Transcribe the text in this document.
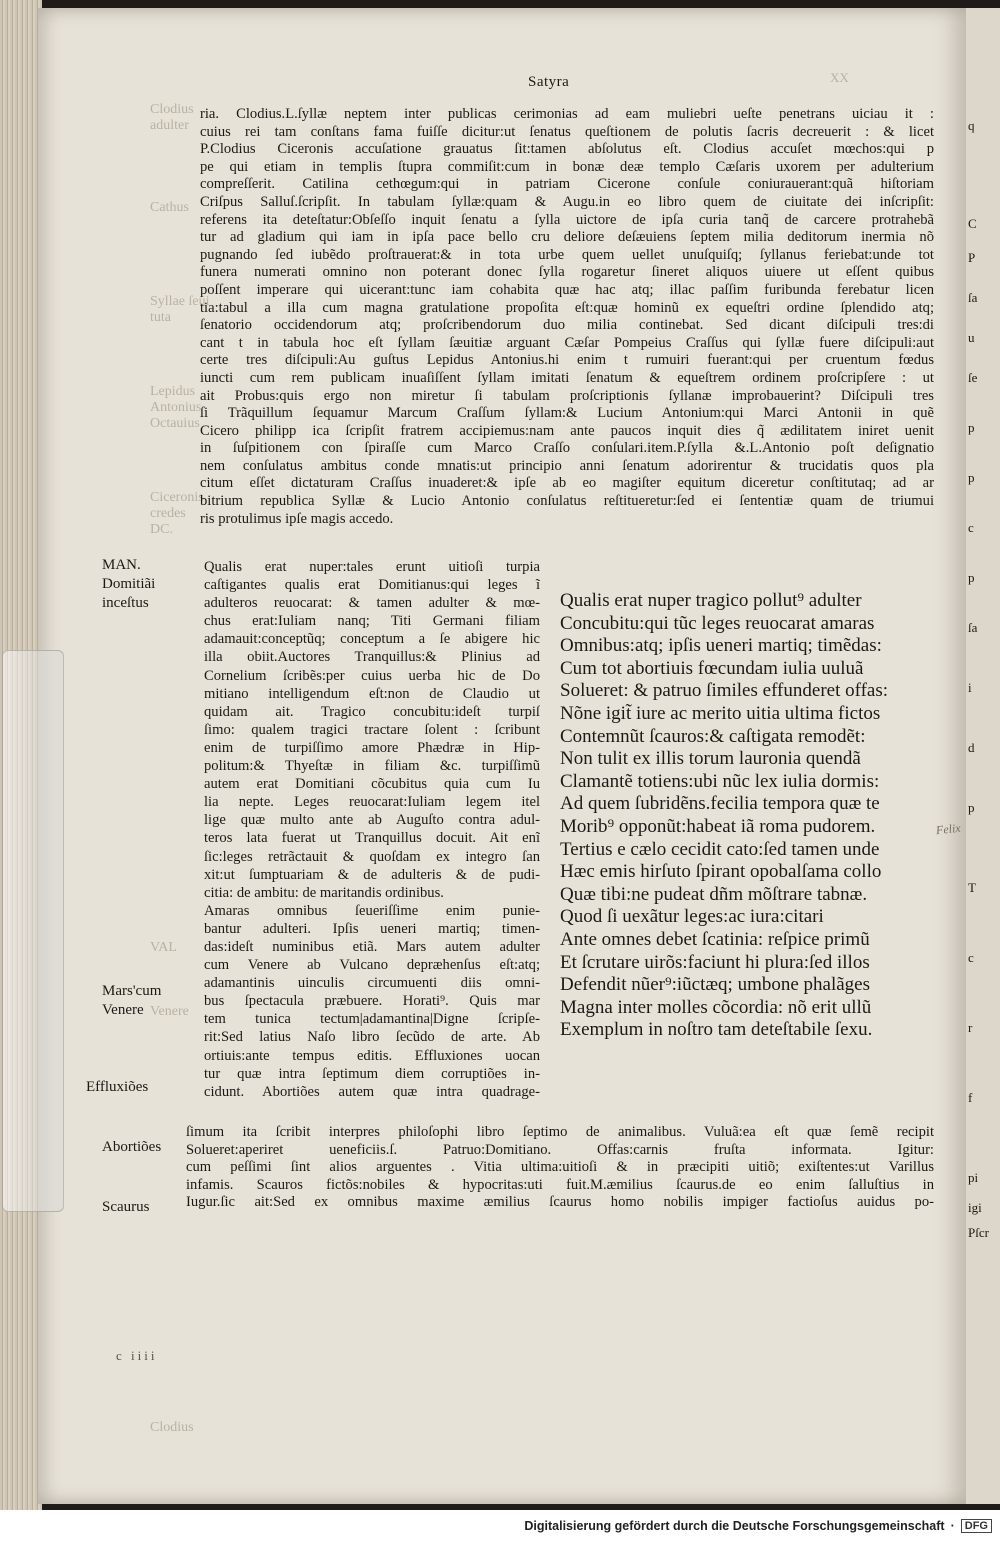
XX
Clodius
adulter
Cathus
Syllae ſeui
tuta
Lepidus
Antonius
Octauius
Ciceronis
credes
DC.
VAL
Venere
Clodius
q
C
P
ſa
u
ſe
p
p
c
p
ſa
i
d
p
T
c
r
f
pi
igi
Pſcr
Satyra
ria. Clodius.L.ſyllæ neptem inter publicas cerimonias ad eam muliebri ueſte penetrans uiciau it :
cuius rei tam conſtans fama fuiſſe dicitur:ut ſenatus queſtionem de polutis ſacris decreuerit : & licet
P.Clodius Ciceronis accuſatione grauatus ſit:tamen abſolutus eſt. Clodius accuſet mœchos:qui p
pe qui etiam in templis ſtupra commiſit:cum in bonæ deæ templo Cæſaris uxorem per adulterium
compreſſerit. Catilina cethœgum:qui in patriam Ciceronе conſule coniurauerant:quã hiſtoriam
Criſpus Salluſ.ſcripſit. In tabulam ſyllæ:quam & Augu.in eo libro quem de ciuitate dei inſcripſit:
referens ita deteſtatur:Obſeſſo inquit ſenatu a ſylla uictore de ipſa curia tanq̃ de carcere protrahebã
tur ad gladium qui iam in ipſa pace bello cru deliore deſæuiens ſeptem milia deditorum inermia nõ
pugnando ſed iubẽdo proſtrauerat:& in tota urbe quem uellet unuſquiſq; ſyllanus feriebat:unde tot
funera numerati omnino non poterant donec ſylla rogaretur ſineret aliquos uiuere ut eſſent quibus
poſſent imperare qui uicerant:tunc iam cohabita quæ hac atq; illac paſſim furibunda ferebatur licen
tia:tabul a illa cum magna gratulatione propoſita eſt:quæ hominũ ex equeſtri ordine ſplendido atq;
ſenatorio occidendorum atq; proſcribendorum duo milia continebat. Sed dicant diſcipuli tres:di
cant t in tabula hoc eſt ſyllam ſæuitiæ arguant Cæſar Pompeius Craſſus qui ſyllæ fuere diſcipuli:aut
certe tres diſcipuli:Au guſtus Lepidus Antonius.hi enim t rumuiri fuerant:qui per cruentum fœdus
iuncti cum rem publicam inuaſiſſent ſyllam imitati ſenatum & equeſtrem ordinem proſcripſere : ut
ait Probus:quis ergo non miretur ſi tabulam proſcriptionis ſyllanæ improbauerint? Diſcipuli tres
ſi Trãquillum ſequamur Marcum Craſſum ſyllam:& Lucium Antonium:qui Marci Antonii in quẽ
Cicero philipp ica ſcripſit fratrem accipiemus:nam ante paucos inquit dies q̃ ædilitatem iniret uenit
in ſuſpitionem con ſpiraſſe cum Marco Craſſo conſulari.item.P.ſylla &.L.Antonio poſt deſignatio
nem conſulatus ambitus conde mnatis:ut principio anni ſenatum adorirentur & trucidatis quos pla
citum eſſet dictaturam Craſſus inuaderet:& ipſe ab eo magiſter equitum diceretur conſtitutaq; ad ar
bitrium republica Syllæ & Lucio Antonio conſulatus reſtitueretur:ſed ei ſententiæ quam de triumui
ris protulimus ipſe magis accedo.
MAN.
Domitiãi
inceſtus
Mars'cum
Venere
Effluxiões
Abortiões
Scaurus
Qualis erat nuper:tales erunt uitioſi turpia
caſtigantes qualis erat Domitianus:qui leges ĩ
adulteros reuocarat: & tamen adulter & mœ-
chus erat:Iuliam nanq; Titi Germani filiam
adamauit:conceptũq; conceptum a ſe abigere hic
illa obiit.Auctores Tranquillus:& Plinius ad
Cornelium ſcribẽs:per cuius uerba hic de Do
mitiano intelligendum eſt:non de Claudio ut
quidam ait. Tragico concubitu:ideſt turpiſ
ſimo: qualem tragici tractare ſolent : ſcribunt
enim de turpiſſimo amore Phædræ in Hip-
politum:& Thyeſtæ in filiam &c. turpiſſimũ
autem erat Domitiani cõcubitus quia cum Iu
lia nepte. Leges reuocarat:Iuliam legem itel
lige quæ multo ante ab Auguſto contra adul-
teros lata fuerat ut Tranquillus docuit. Ait enĩ
ſic:leges retrãctauit & quoſdam ex integro ſan
xit:ut ſumptuariam & de adulteris & de pudi-
citia: de ambitu: de maritandis ordinibus.
Amaras omnibus ſeueriſſime enim punie-
bantur adulteri. Ipſis ueneri martiq; timen-
das:ideſt numinibus etiã. Mars autem adulter
cum Venere ab Vulcano depræhenſus eſt:atq;
adamantinis uinculis circumuenti diis omni-
bus ſpectacula præbuere. Horati⁹. Quis mar
tem tunica tectum|adamantina|Digne ſcripſe-
rit:Sed latius Naſo libro ſecũdo de arte. Ab
ortiuis:ante tempus editis. Effluxiones uocan
tur quæ intra ſeptimum diem corruptiões in-
cidunt. Abortiões autem quæ intra quadrage-
Qualis erat nuper tragico pollut⁹ adulter
Concubitu:qui tũc leges reuocarat amaras
Omnibus:atq; ipſis ueneri martiq; timẽdas:
Cum tot abortiuis fœcundam iulia uuluã
Solueret: & patruo ſimiles effunderet offas:
Nõne igit̃ iure ac merito uitia ultima fictos
Contemnũt ſcauros:& caſtigata remodẽt:
Non tulit ex illis torum lauronia quendã
Clamantẽ totiens:ubi nũc lex iulia dormis:
Ad quem ſubridẽns.fecilia tempora quæ te
Morib⁹ opponũt:habeat iã roma pudorem.
Tertius e cælo cecidit cato:ſed tamen unde
Hæc emis hirſuto ſpirant opobalſama collo
Quæ tibi:ne pudeat dñm mõſtrare tabnæ.
Quod ſi uexãtur leges:ac iura:citari
Ante omnes debet ſcatinia: reſpice primũ
Et ſcrutare uirõs:faciunt hi plura:ſed illos
Defendit nũer⁹:iũctæq; umbone phalãges
Magna inter molles cõcordia: nõ erit ullũ
Exemplum in noſtro tam deteſtabile ſexu.
Felix
ſimum ita ſcribit interpres philoſophi libro ſeptimo de animalibus. Vuluã:ea eſt quæ ſemẽ recipit
Solueret:aperiret ueneficiis.ſ. Patruo:Domitiano. Offas:carnis fruſta informata. Igitur:
cum peſſimi ſint alios arguentes . Vitia ultima:uitioſi & in præcipiti uitiõ; exiſtentes:ut Varillus
infamis. Scauros fictõs:nobiles & hypocritas:uti fuit.M.æmilius ſcaurus.de eo enim ſalluſtius in
Iugur.ſic ait:Sed ex omnibus maxime æmilius ſcaurus homo nobilis impiger factioſus auidus po-
c iiii
Digitalisierung gefördert durch die Deutsche Forschungsgemeinschaft · DFG
